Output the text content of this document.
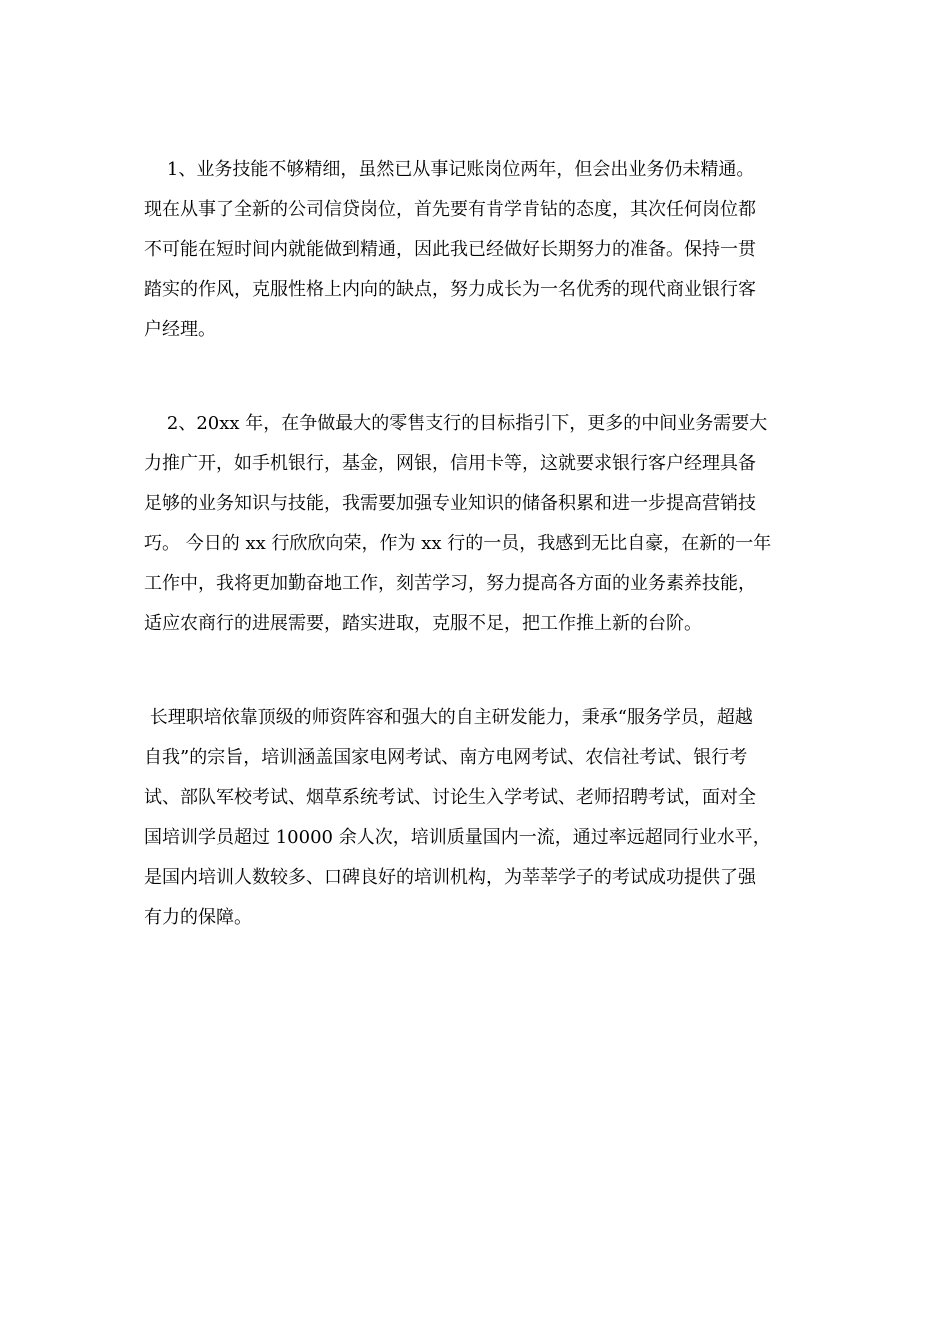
1、业务技能不够精细，虽然已从事记账岗位两年，但会出业务仍未精通。

现在从事了全新的公司信贷岗位，首先要有肯学肯钻的态度，其次任何岗位都

不可能在短时间内就能做到精通，因此我已经做好长期努力的准备。保持一贯

踏实的作风，克服性格上内向的缺点，努力成长为一名优秀的现代商业银行客

户经理。

2、20xx 年，在争做最大的零售支行的目标指引下，更多的中间业务需要大

力推广开，如手机银行，基金，网银，信用卡等，这就要求银行客户经理具备

足够的业务知识与技能，我需要加强专业知识的储备积累和进一步提高营销技

巧。 今日的 xx 行欣欣向荣，作为 xx 行的一员，我感到无比自豪，在新的一年

工作中，我将更加勤奋地工作，刻苦学习，努力提高各方面的业务素养技能，

适应农商行的进展需要，踏实进取，克服不足，把工作推上新的台阶。

长理职培依靠顶级的师资阵容和强大的自主研发能力，秉承“服务学员，超越

自我”的宗旨，培训涵盖国家电网考试、南方电网考试、农信社考试、银行考

试、部队军校考试、烟草系统考试、讨论生入学考试、老师招聘考试，面对全

国培训学员超过 10000 余人次，培训质量国内一流，通过率远超同行业水平，

是国内培训人数较多、口碑良好的培训机构，为莘莘学子的考试成功提供了强

有力的保障。
